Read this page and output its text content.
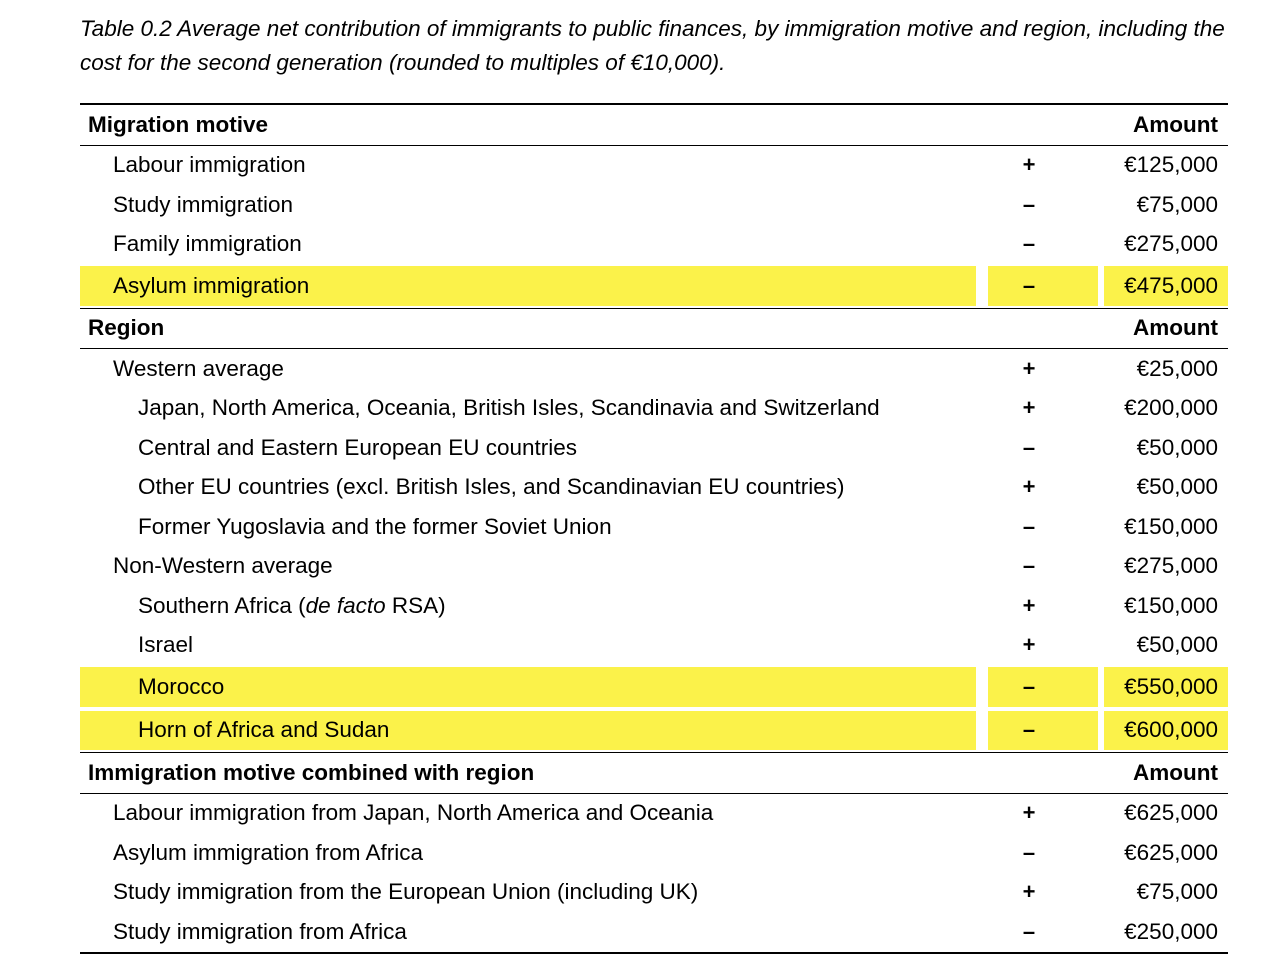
Table 0.2 Average net contribution of immigrants to public finances, by immigration motive and region, including the cost for the second generation (rounded to multiples of €10,000).

Migration motive		Amount
Labour immigration	+	€125,000
Study immigration	–	€75,000
Family immigration	–	€275,000
Asylum immigration	–	€475,000
Region		Amount
Western average	+	€25,000
Japan, North America, Oceania, British Isles, Scandinavia and Switzerland	+	€200,000
Central and Eastern European EU countries	–	€50,000
Other EU countries (excl. British Isles, and Scandinavian EU countries)	+	€50,000
Former Yugoslavia and the former Soviet Union	–	€150,000
Non-Western average	–	€275,000
Southern Africa (de facto RSA)	+	€150,000
Israel	+	€50,000
Morocco	–	€550,000
Horn of Africa and Sudan	–	€600,000
Immigration motive combined with region		Amount
Labour immigration from Japan, North America and Oceania	+	€625,000
Asylum immigration from Africa	–	€625,000
Study immigration from the European Union (including UK)	+	€75,000
Study immigration from Africa	–	€250,000
